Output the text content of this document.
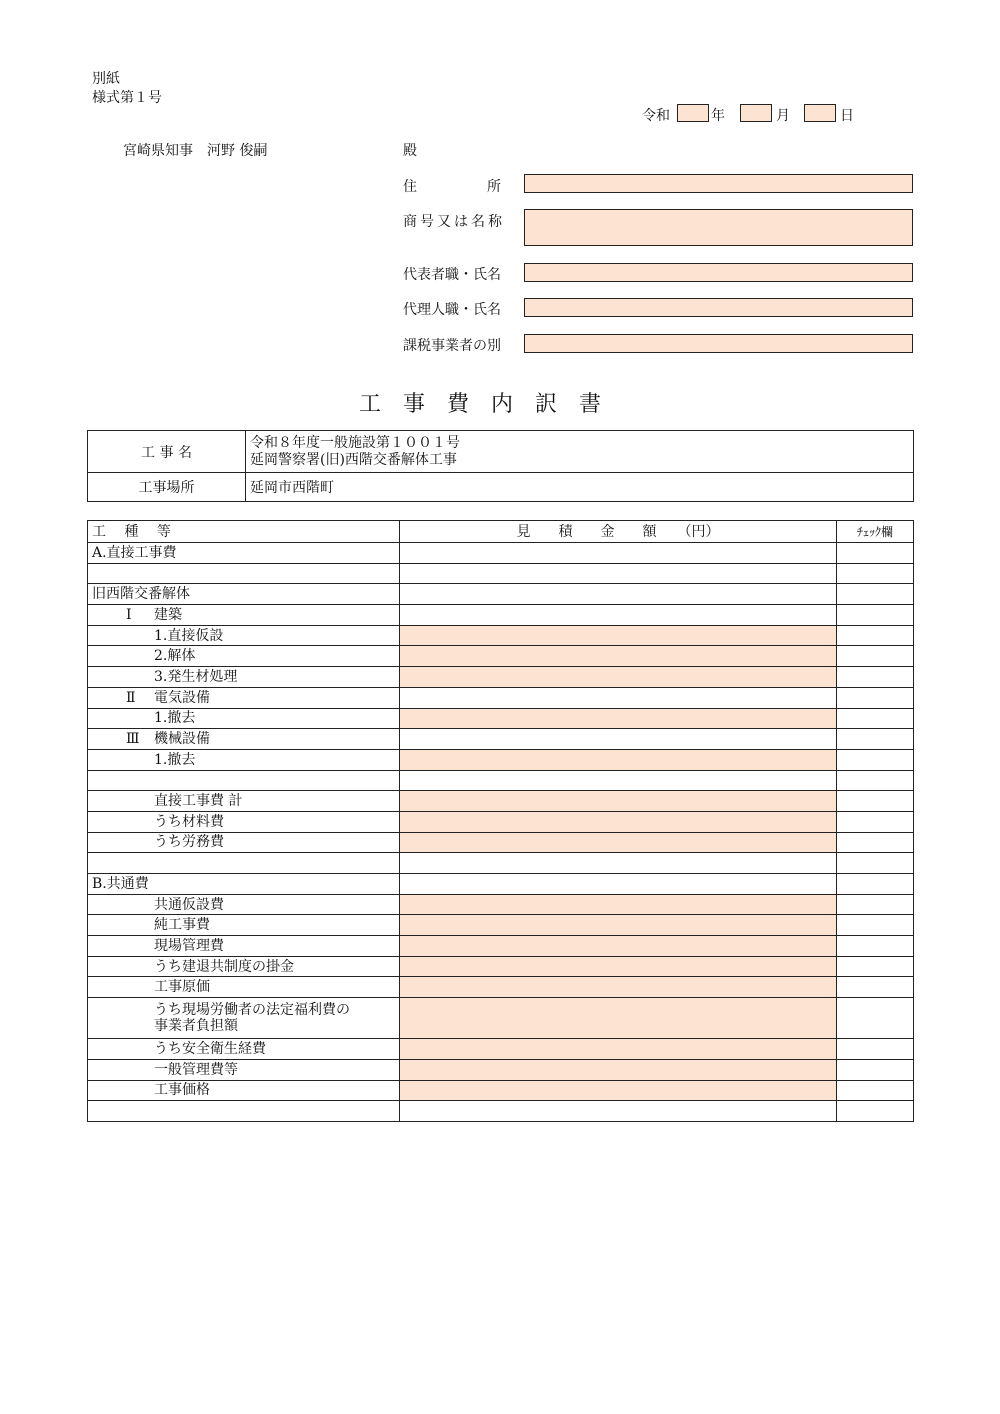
別紙
様式第１号
令和	年	月	日
宮崎県知事　河野 俊嗣	殿
住　　　　　所
商号又は名称
代表者職・氏名
代理人職・氏名
課税事業者の別
工　事　費　内　訳　書
工 事 名	令和８年度一般施設第１００１号
延岡警察署(旧)西階交番解体工事

工事場所	延岡市西階町
工　 種　 等	見　　積　　金　　額　　（円）	ﾁｪｯｸ欄
A.直接工事費		

旧西階交番解体		
Ⅰ 建築		
1.直接仮設		
2.解体		
3.発生材処理		
Ⅱ 電気設備		
1.撤去		
Ⅲ 機械設備		
1.撤去		

直接工事費 計		
うち材料費		
うち労務費		

B.共通費		
共通仮設費		
純工事費		
現場管理費		
うち建退共制度の掛金		
工事原価		
うち現場労働者の法定福利費の
事業者負担額		
うち安全衛生経費		
一般管理費等		
工事価格		
